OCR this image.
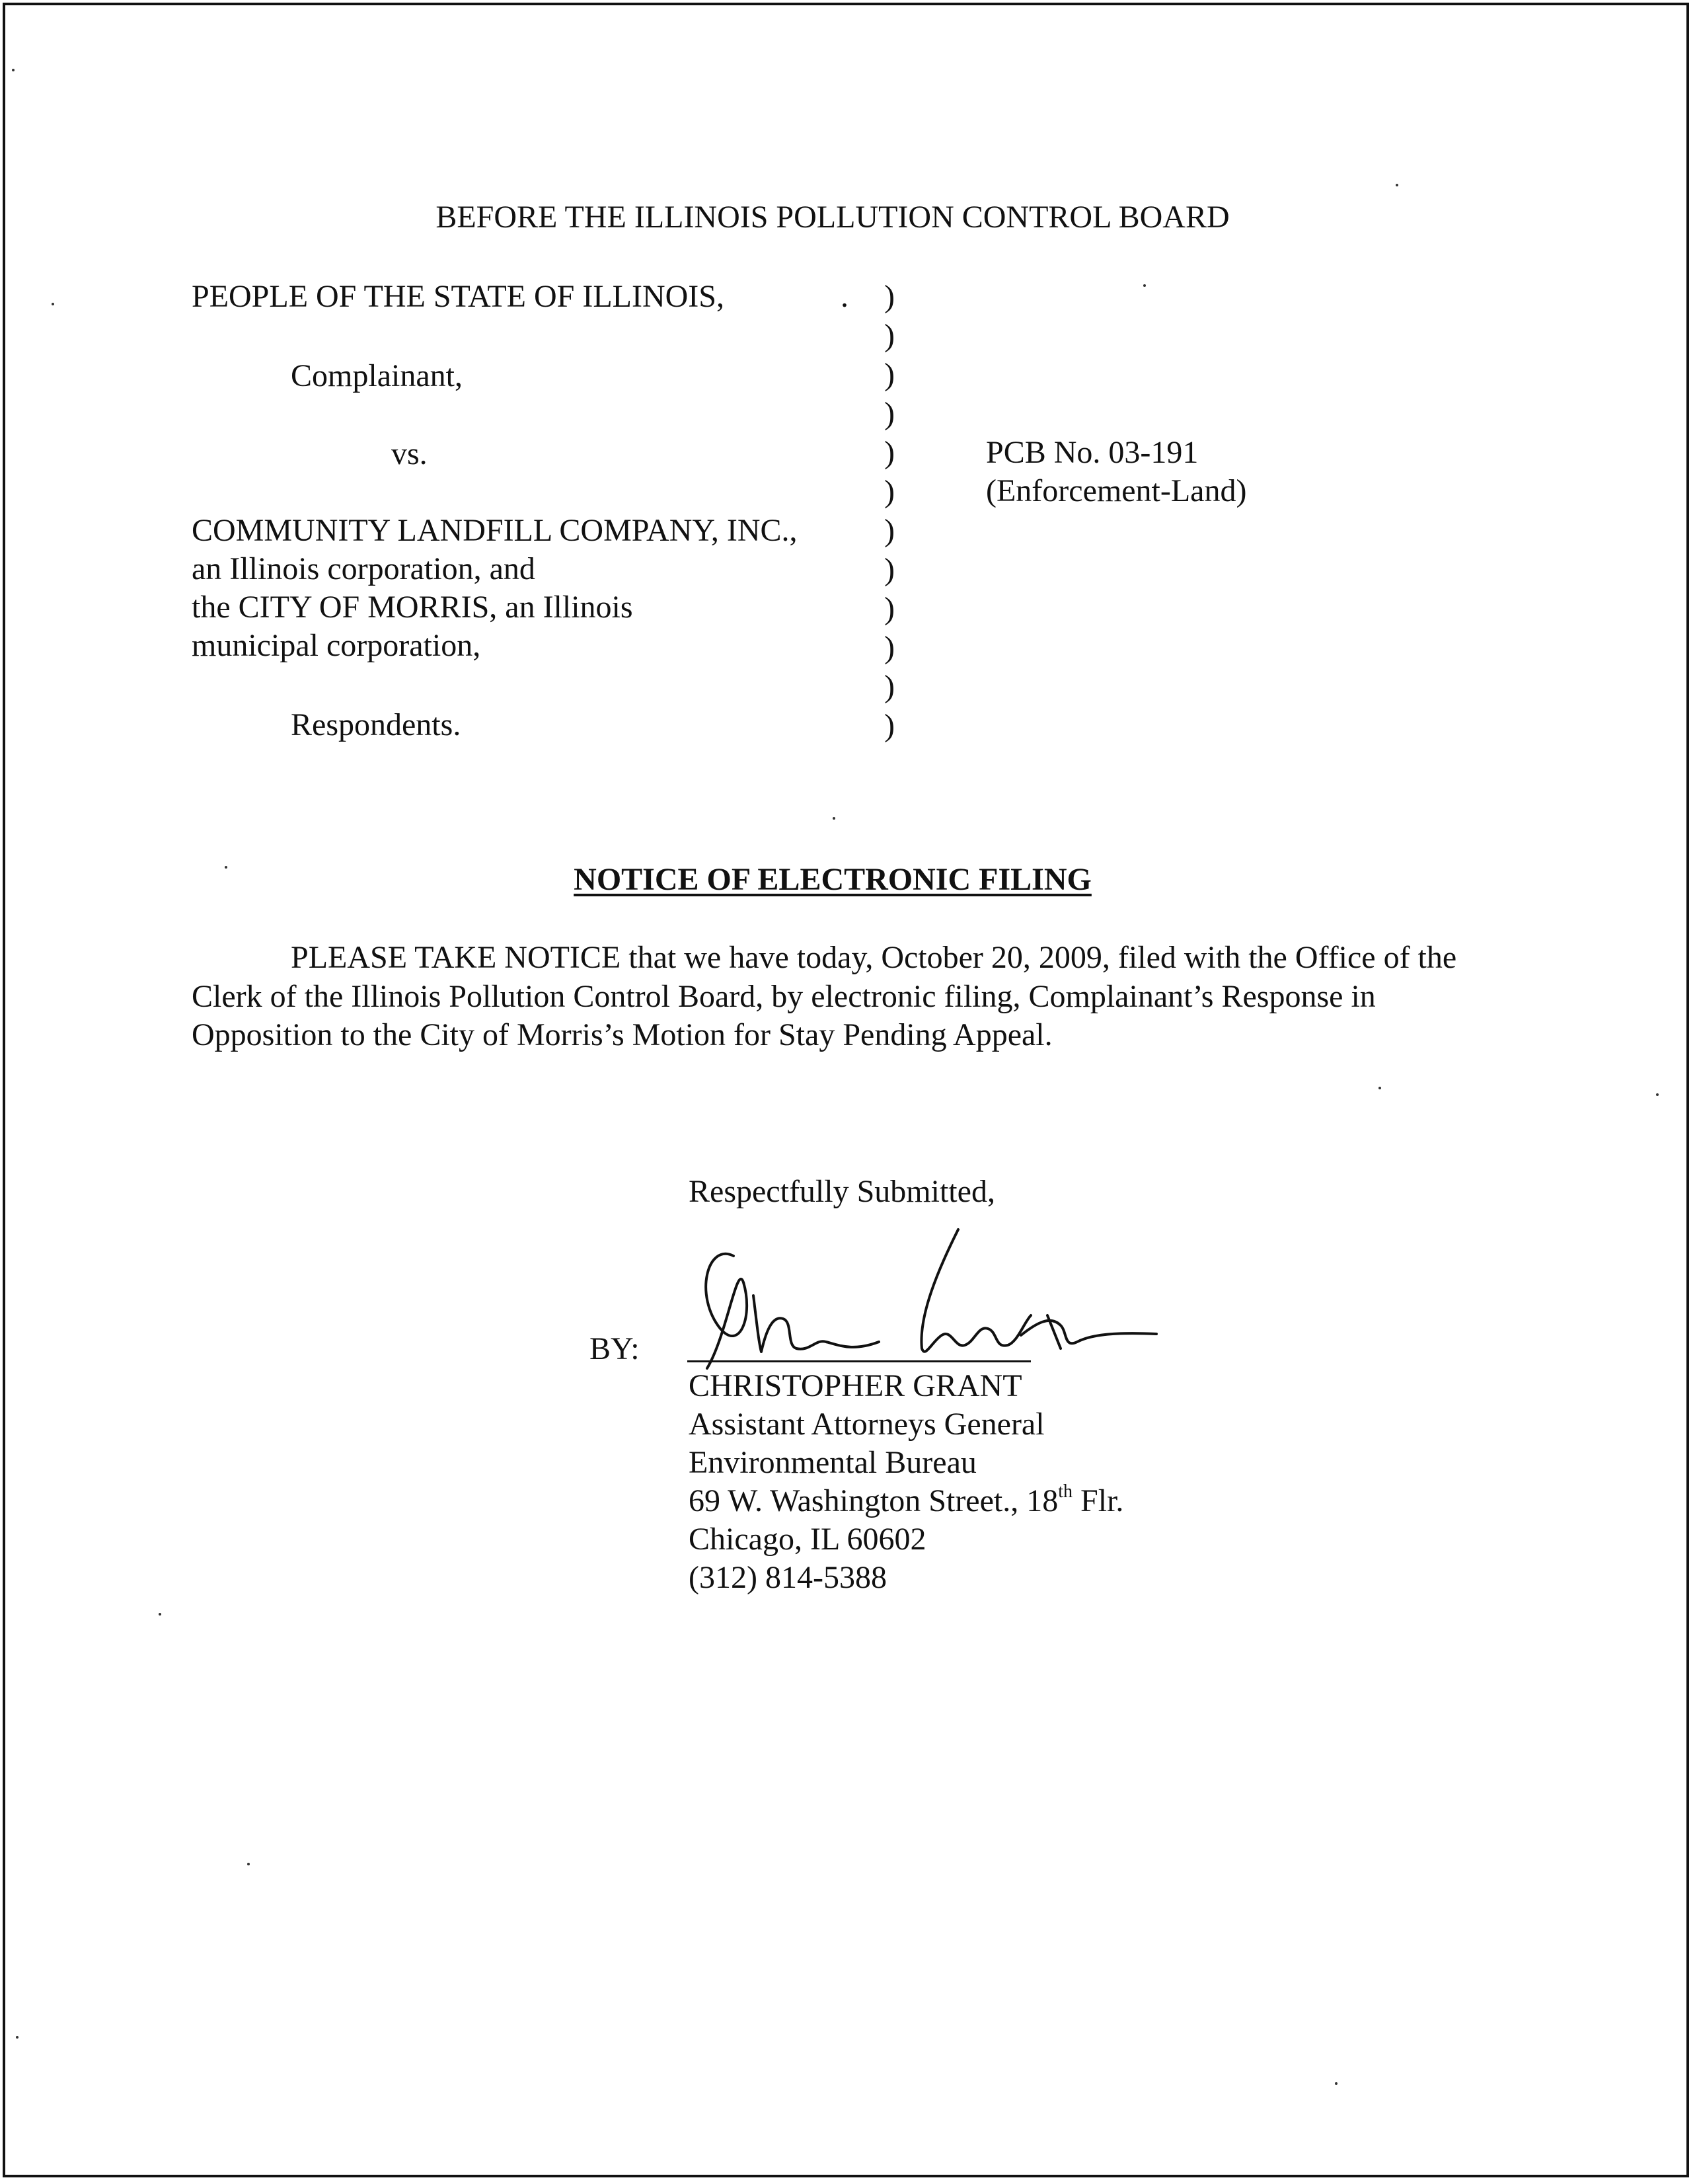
BEFORE THE ILLINOIS POLLUTION CONTROL BOARD
PEOPLE OF THE STATE OF ILLINOIS,	.
Complainant,
vs.
COMMUNITY LANDFILL COMPANY, INC.,
an Illinois corporation, and
the CITY OF MORRIS, an Illinois
municipal corporation,
Respondents.
)
)
)
)
)
)
)
)
)
)
)
)
PCB No. 03-191
(Enforcement-Land)
NOTICE OF ELECTRONIC FILING
PLEASE TAKE NOTICE that we have today, October 20, 2009, filed with the Office of the Clerk of the Illinois Pollution Control Board, by electronic filing, Complainant’s Response in Opposition to the City of Morris’s Motion for Stay Pending Appeal.
Respectfully Submitted,
BY:
CHRISTOPHER GRANT
Assistant Attorneys General
Environmental Bureau
69 W. Washington Street., 18th Flr.
Chicago, IL 60602
(312) 814-5388
